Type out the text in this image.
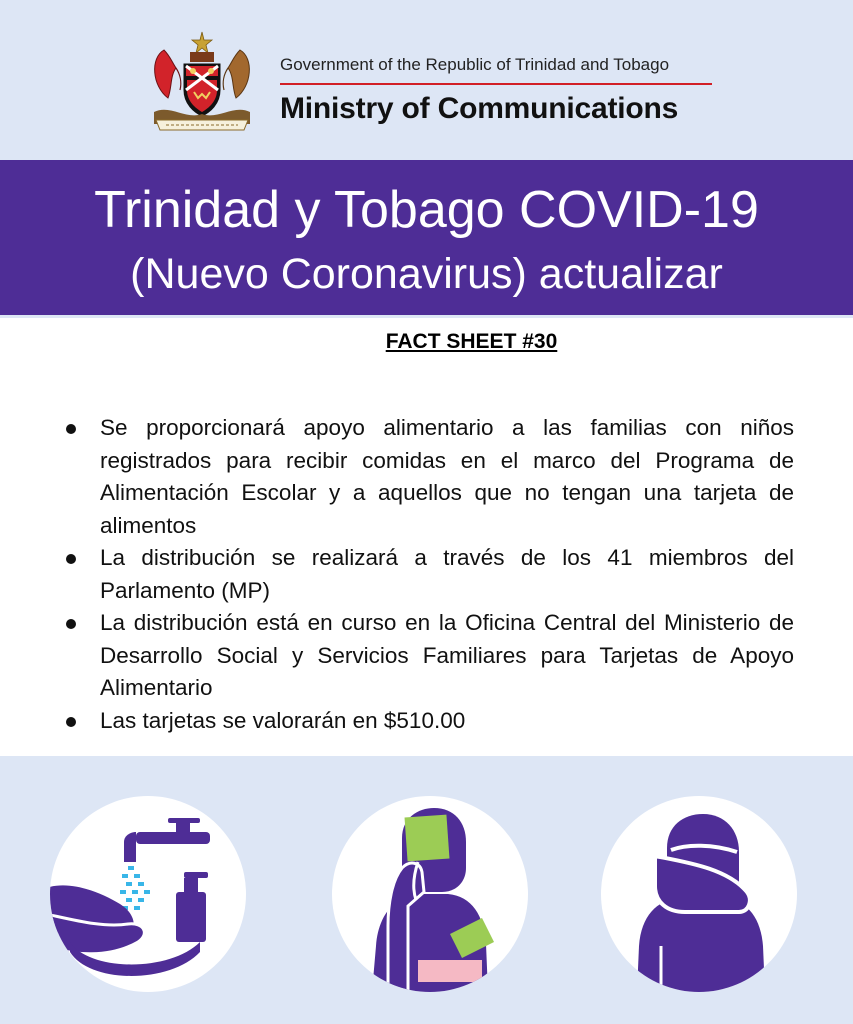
Government of the Republic of Trinidad and Tobago
Ministry of Communications
Trinidad y Tobago COVID-19
(Nuevo Coronavirus) actualizar
FACT SHEET #30
Se proporcionará apoyo alimentario a las familias con niños registrados para recibir comidas en el marco del Programa de Alimentación Escolar y a aquellos que no tengan una tarjeta de alimentos
La distribución se realizará a través de los 41 miembros del Parlamento (MP)
La distribución está en curso en la Oficina Central del Ministerio de Desarrollo Social y Servicios Familiares para Tarjetas de Apoyo Alimentario
Las tarjetas se valorarán en $510.00
